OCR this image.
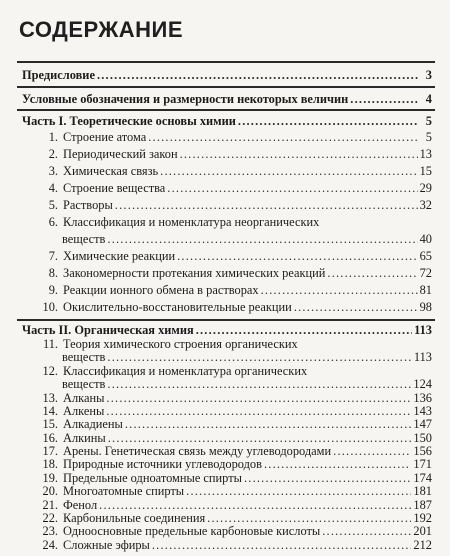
СОДЕРЖАНИЕ
Предисловие .....	3
Условные обозначения и размерности некоторых величин .....	4
Часть I. Теоретические основы химии .....	5
1. Строение атома .....	5
2. Периодический закон .....	13
3. Химическая связь .....	15
4. Строение вещества .....	29
5. Растворы .....	32
6. Классификация и номенклатура неорганических
веществ .....	40
7. Химические реакции .....	65
8. Закономерности протекания химических реакций .....	72
9. Реакции ионного обмена в растворах .....	81
10. Окислительно-восстановительные реакции .....	98
Часть II. Органическая химия .....	113
11. Теория химического строения органических
веществ .....	113
12. Классификация и номенклатура органических
веществ .....	124
13. Алканы .....	136
14. Алкены .....	143
15. Алкадиены .....	147
16. Алкины .....	150
17. Арены. Генетическая связь между углеводородами .....	156
18. Природные источники углеводородов .....	171
19. Предельные одноатомные спирты .....	174
20. Многоатомные спирты .....	181
21. Фенол .....	187
22. Карбонильные соединения .....	192
23. Одноосновные предельные карбоновые кислоты .....	201
24. Сложные эфиры .....	212
